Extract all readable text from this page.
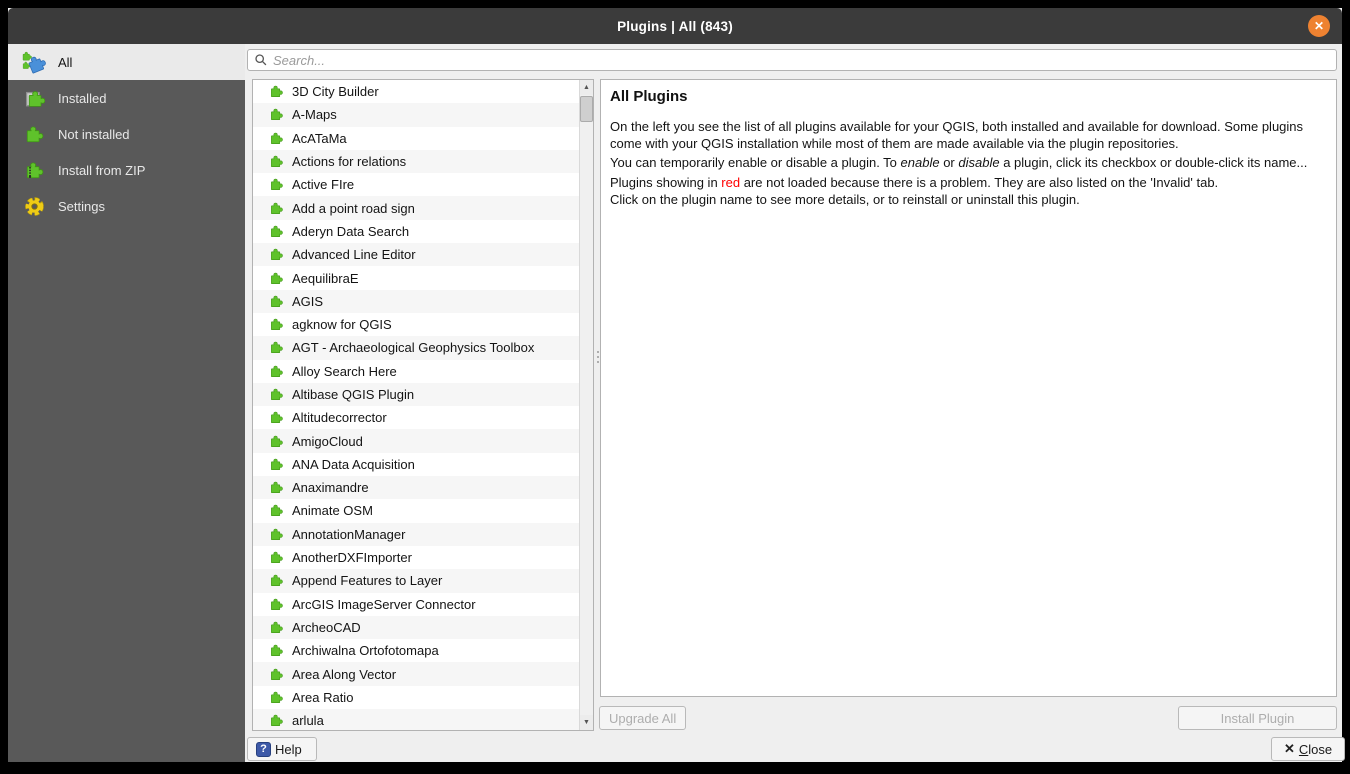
Plugins | All (843)	✕
All
Installed
Not installed
Install from ZIP
Settings
Search...
3D City Builder
A-Maps
AcATaMa
Actions for relations
Active FIre
Add a point road sign
Aderyn Data Search
Advanced Line Editor
AequilibraE
AGIS
agknow for QGIS
AGT - Archaeological Geophysics Toolbox
Alloy Search Here
Altibase QGIS Plugin
Altitudecorrector
AmigoCloud
ANA Data Acquisition
Anaximandre
Animate OSM
AnnotationManager
AnotherDXFImporter
Append Features to Layer
ArcGIS ImageServer Connector
ArcheoCAD
Archiwalna Ortofotomapa
Area Along Vector
Area Ratio
arlula
▲
▼
All Plugins

On the left you see the list of all plugins available for your QGIS, both installed and available for download. Some plugins come with your QGIS installation while most of them are made available via the plugin repositories.

You can temporarily enable or disable a plugin. To enable or disable a plugin, click its checkbox or double-click its name...

Plugins showing in red are not loaded because there is a problem. They are also listed on the 'Invalid' tab.

Click on the plugin name to see more details, or to reinstall or uninstall this plugin.

Upgrade All	Install Plugin
? Help	✕ Close
